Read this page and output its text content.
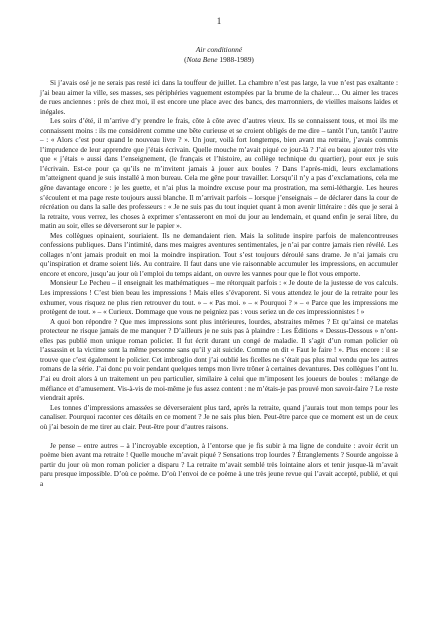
1

Air conditionné

(Nota Bene 1988-1989)

Si j’avais osé je ne serais pas resté ici dans la touffeur de juillet. La chambre n’est pas large, la vue n’est pas exaltante : j’ai beau aimer la ville, ses masses, ses périphéries vaguement estompées par la brume de la chaleur… Ou aimer les traces de rues anciennes : près de chez moi, il est encore une place avec des bancs, des marronniers, de vieilles maisons laides et inégales.

Les soirs d’été, il m’arrive d’y prendre le frais, côte à côte avec d’autres vieux. Ils se connaissent tous, et moi ils me connaissent moins : ils me considèrent comme une bête curieuse et se croient obligés de me dire – tantôt l’un, tantôt l’autre – : « Alors c’est pour quand le nouveau livre ? ». Un jour, voilà fort longtemps, bien avant ma retraite, j’avais commis l’imprudence de leur apprendre que j’étais écrivain. Quelle mouche m’avait piqué ce jour-là ? J’ai eu beau ajouter très vite que « j’étais » aussi dans l’enseignement, (le français et l’histoire, au collège technique du quartier), pour eux je suis l’écrivain. Est-ce pour ça qu’ils ne m’invitent jamais à jouer aux boules ? Dans l’après-midi, leurs exclamations m’atteignent quand je suis installé à mon bureau. Cela me gêne pour travailler. Lorsqu’il n’y a pas d’exclamations, cela me gêne davantage encore : je les guette, et n’ai plus la moindre excuse pour ma prostration, ma semi-léthargie. Les heures s’écoulent et ma page reste toujours aussi blanche. Il m’arrivait parfois – lorsque j’enseignais – de déclarer dans la cour de récréation ou dans la salle des professeurs : « Je ne suis pas du tout inquiet quant à mon avenir littéraire : dès que je serai à la retraite, vous verrez, les choses à exprimer s’entasseront en moi du jour au lendemain, et quand enfin je serai libre, du matin au soir, elles se déverseront sur le papier ».

Mes collègues opinaient, souriaient. Ils ne demandaient rien. Mais la solitude inspire parfois de malencontreuses confessions publiques. Dans l’intimité, dans mes maigres aventures sentimentales, je n’ai par contre jamais rien révélé. Les collages n’ont jamais produit en moi la moindre inspiration. Tout s’est toujours déroulé sans drame. Je n’ai jamais cru qu’inspiration et drame soient liés. Au contraire. Il faut dans une vie raisonnable accumuler les impressions, en accumuler encore et encore, jusqu’au jour où l’emploi du temps aidant, on ouvre les vannes pour que le flot vous emporte.

Monsieur Le Pecheu – il enseignait les mathématiques – me rétorquait parfois : « Je doute de la justesse de vos calculs. Les impressions ! C’est bien beau les impressions ! Mais elles s’évaporent. Si vous attendez le jour de la retraite pour les exhumer, vous risquez ne plus rien retrouver du tout. » – « Pas moi. » – « Pourquoi ? » – « Parce que les impressions me protègent de tout. » – « Curieux. Dommage que vous ne peigniez pas : vous seriez un de ces impressionnistes ! »

A quoi bon répondre ? Que mes impressions sont plus intérieures, lourdes, abstraites mêmes ? Et qu’ainsi ce matelas protecteur ne risque jamais de me manquer ? D’ailleurs je ne suis pas à plaindre : Les Éditions « Dessus-Dessous » n’ont-elles pas publié mon unique roman policier. Il fut écrit durant un congé de maladie. Il s’agit d’un roman policier où l’assassin et la victime sont la même personne sans qu’il y ait suicide. Comme on dit « Faut le faire ! ». Plus encore : il se trouve que c’est également le policier. Cet imbroglio dont j’ai oublié les ficelles ne s’était pas plus mal vendu que les autres romans de la série. J’ai donc pu voir pendant quelques temps mon livre trôner à certaines devantures. Des collègues l’ont lu. J’ai eu droit alors à un traitement un peu particulier, similaire à celui que m’imposent les joueurs de boules : mélange de méfiance et d’amusement. Vis-à-vis de moi-même je fus assez content : ne m’étais-je pas prouvé mon savoir-faire ? Le reste viendrait après.

Les tonnes d’impressions amassées se déverseraient plus tard, après la retraite, quand j’aurais tout mon temps pour les canaliser. Pourquoi raconter ces détails en ce moment ? Je ne sais plus bien. Peut-être parce que ce moment est un de ceux où j’ai besoin de me tirer au clair. Peut-être pour d’autres raisons.

Je pense – entre autres – à l’incroyable exception, à l’entorse que je fis subir à ma ligne de conduite : avoir écrit un poème bien avant ma retraite ! Quelle mouche m’avait piqué ? Sensations trop lourdes ? Étranglements ? Sourde angoisse à partir du jour où mon roman policier a disparu ? La retraite m’avait semblé très lointaine alors et tenir jusque-là m’avait paru presque impossible. D’où ce poème. D’où l’envoi de ce poème à une très jeune revue qui l’avait accepté, publié, et qui a
